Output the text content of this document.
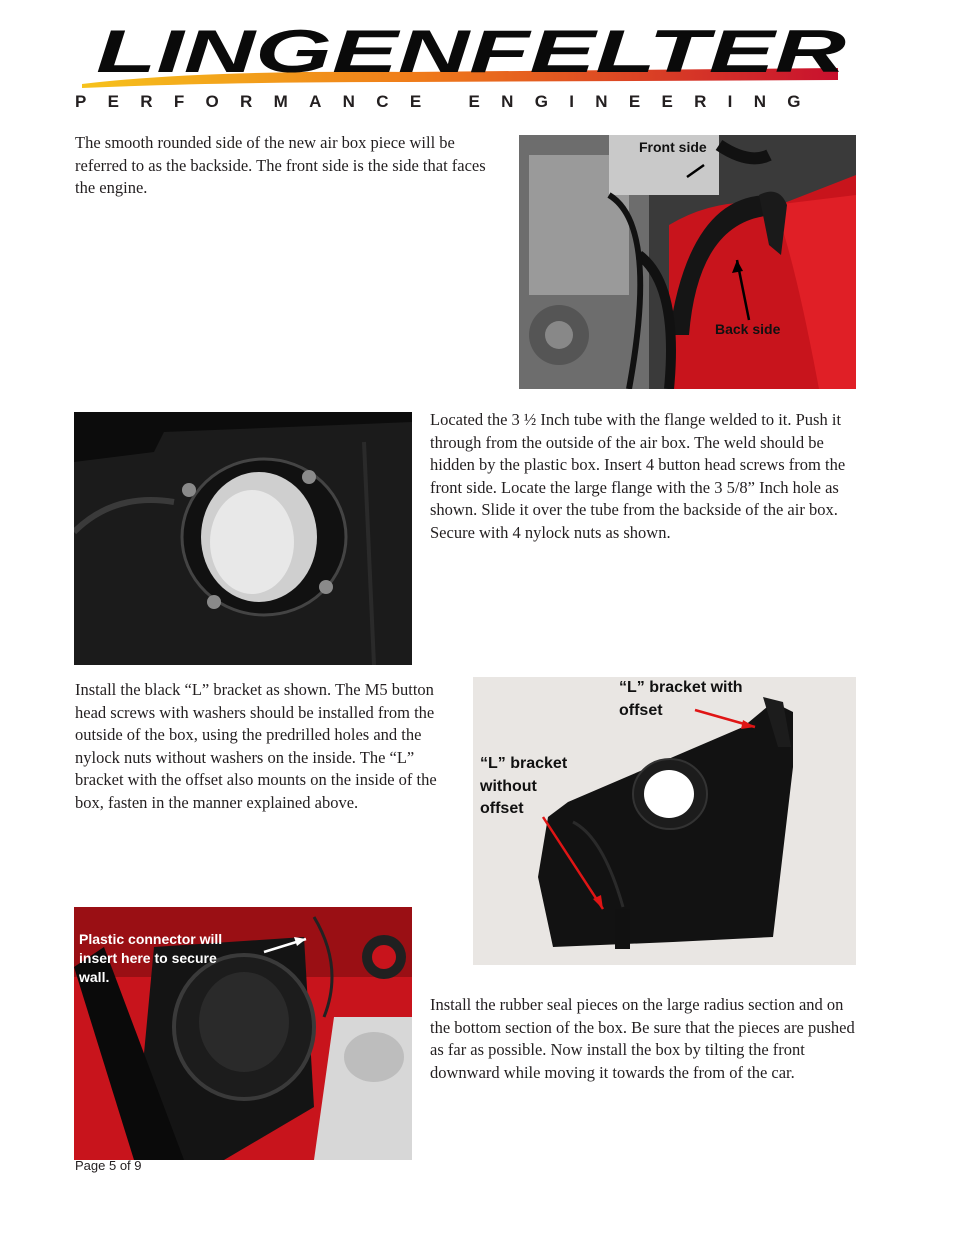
LINGENFELTER
PERFORMANCE ENGINEERING
The smooth rounded side of the new air box piece will be referred to as the backside. The front side is the side that faces the engine.
Front side
Back side
Located the 3 ½ Inch tube with the flange welded to it. Push it through from the outside of the air box. The weld should be hidden by the plastic box. Insert 4 button head screws from the front side. Locate the large flange with the 3 5/8” Inch hole as shown. Slide it over the tube from the backside of the air box. Secure with 4 nylock nuts as shown.
Install the black “L” bracket as shown. The M5 button head screws with washers should be installed from the outside of the box, using the predrilled holes and the nylock nuts without washers on the inside. The “L” bracket with the offset also mounts on the inside of the box, fasten in the manner explained above.
“L” bracket with
offset
“L” bracket
without
offset
Plastic connector will
insert here to secure
wall.
Install the rubber seal pieces on the large radius section and on the bottom section of the box. Be sure that the pieces are pushed as far as possible. Now install the box by tilting the front downward while moving it towards the from of the car.
Page 5 of 9
